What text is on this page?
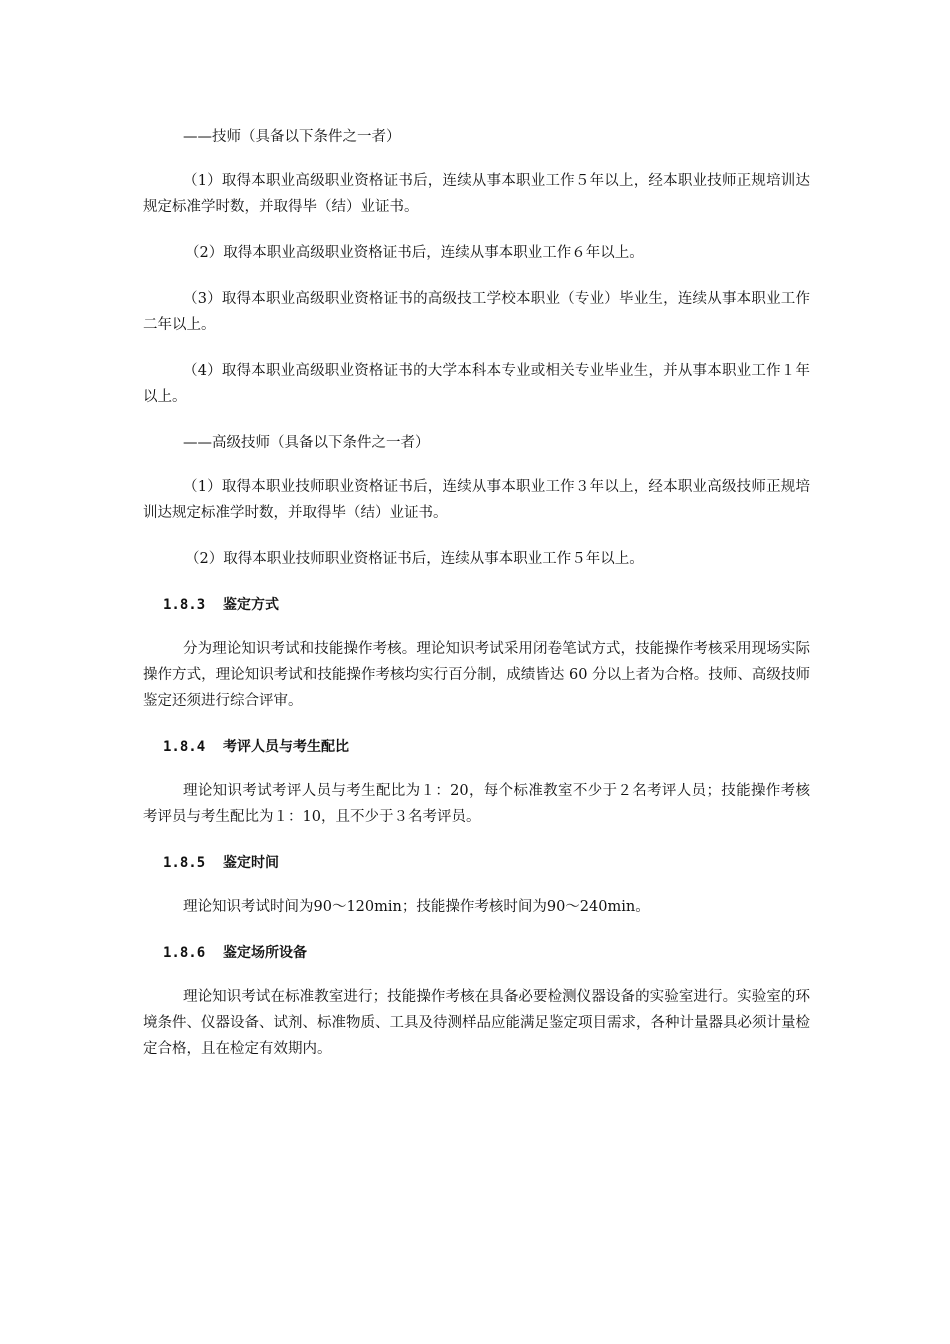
——技师（具备以下条件之一者）

（1）取得本职业高级职业资格证书后，连续从事本职业工作５年以上，经本职业技师正规培训达规定标准学时数，并取得毕（结）业证书。

（2）取得本职业高级职业资格证书后，连续从事本职业工作６年以上。

（3）取得本职业高级职业资格证书的高级技工学校本职业（专业）毕业生，连续从事本职业工作二年以上。

（4）取得本职业高级职业资格证书的大学本科本专业或相关专业毕业生，并从事本职业工作１年以上。

——高级技师（具备以下条件之一者）

（1）取得本职业技师职业资格证书后，连续从事本职业工作３年以上，经本职业高级技师正规培训达规定标准学时数，并取得毕（结）业证书。

（2）取得本职业技师职业资格证书后，连续从事本职业工作５年以上。

1.8.3 鉴定方式

分为理论知识考试和技能操作考核。理论知识考试采用闭卷笔试方式，技能操作考核采用现场实际操作方式，理论知识考试和技能操作考核均实行百分制，成绩皆达 60 分以上者为合格。技师、高级技师鉴定还须进行综合评审。

1.8.4 考评人员与考生配比

理论知识考试考评人员与考生配比为１：20，每个标准教室不少于２名考评人员；技能操作考核考评员与考生配比为１：10，且不少于３名考评员。

1.8.5 鉴定时间

理论知识考试时间为90～120min；技能操作考核时间为90～240min。

1.8.6 鉴定场所设备

理论知识考试在标准教室进行；技能操作考核在具备必要检测仪器设备的实验室进行。实验室的环境条件、仪器设备、试剂、标准物质、工具及待测样品应能满足鉴定项目需求，各种计量器具必须计量检定合格，且在检定有效期内。
